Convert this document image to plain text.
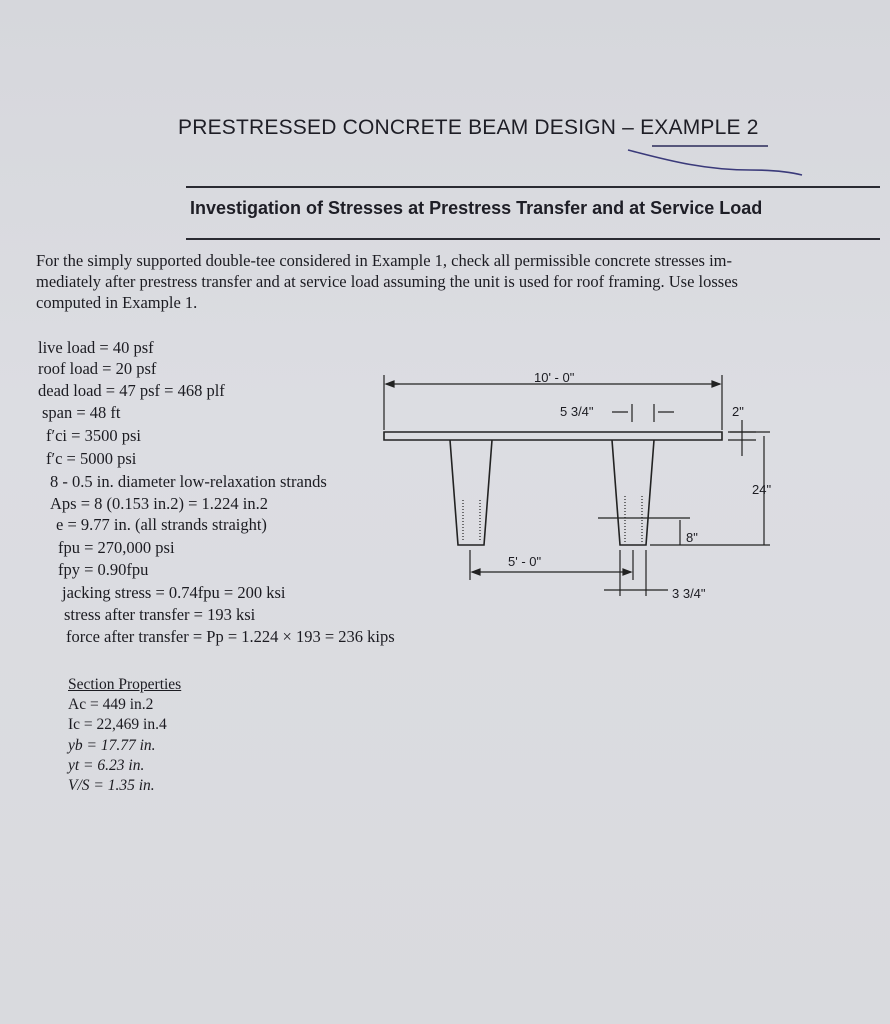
PRESTRESSED CONCRETE BEAM DESIGN – EXAMPLE 2
Investigation of Stresses at Prestress Transfer and at Service Load
For the simply supported double-tee considered in Example 1, check all permissible concrete stresses im-
mediately after prestress transfer and at service load assuming the unit is used for roof framing. Use losses
computed in Example 1.
live load = 40 psf
roof load = 20 psf
dead load = 47 psf = 468 plf
span = 48 ft
f′ci = 3500 psi
f′c = 5000 psi
8 - 0.5 in. diameter low-relaxation strands
Aps = 8 (0.153 in.2) = 1.224 in.2
e = 9.77 in. (all strands straight)
fpu = 270,000 psi
fpy = 0.90fpu
jacking stress = 0.74fpu = 200 ksi
stress after transfer = 193 ksi
force after transfer = Pp = 1.224 × 193 = 236 kips
Section Properties
Ac = 449 in.2
Ic = 22,469 in.4
yb = 17.77 in.
yt = 6.23 in.
V/S = 1.35 in.
10' - 0"
5 3/4"	2"
24"
8"
5' - 0"
3 3/4"
